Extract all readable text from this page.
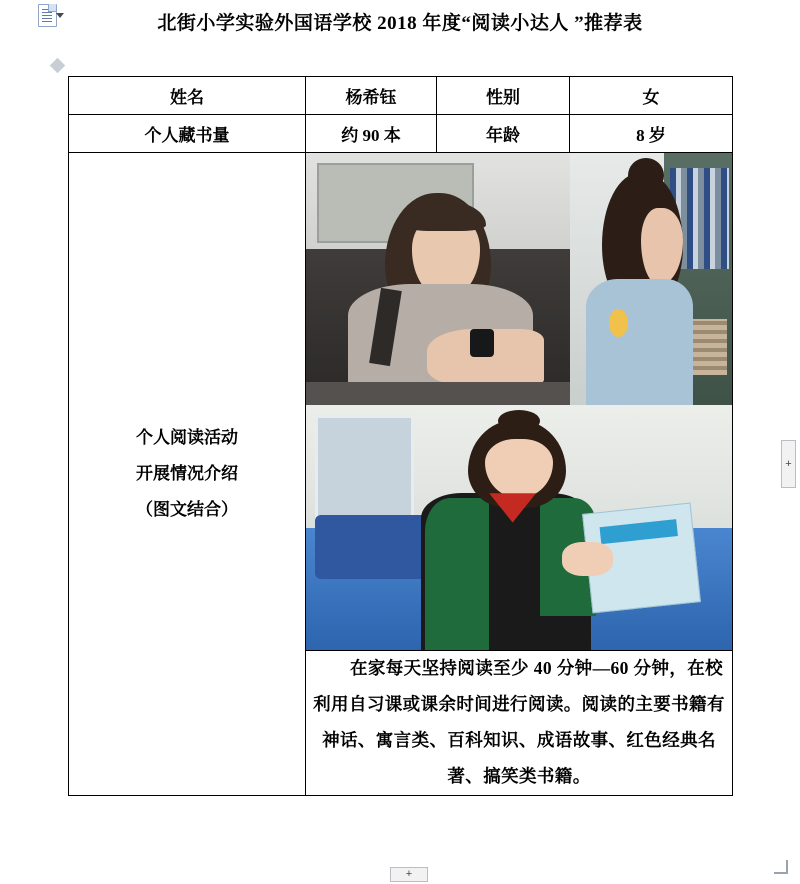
北街小学实验外国语学校 2018 年度“阅读小达人 ”推荐表
+
+
姓名	杨希钰	性别	女
个人藏书量	约 90 本	年龄	8 岁

个人阅读活动
开展情况介绍
（图文结合）			

	在家每天坚持阅读至少 40 分钟—60 分钟，在校利用自习课或课余时间进行阅读。阅读的主要书籍有神话、寓言类、百科知识、成语故事、红色经典名著、搞笑类书籍。		
